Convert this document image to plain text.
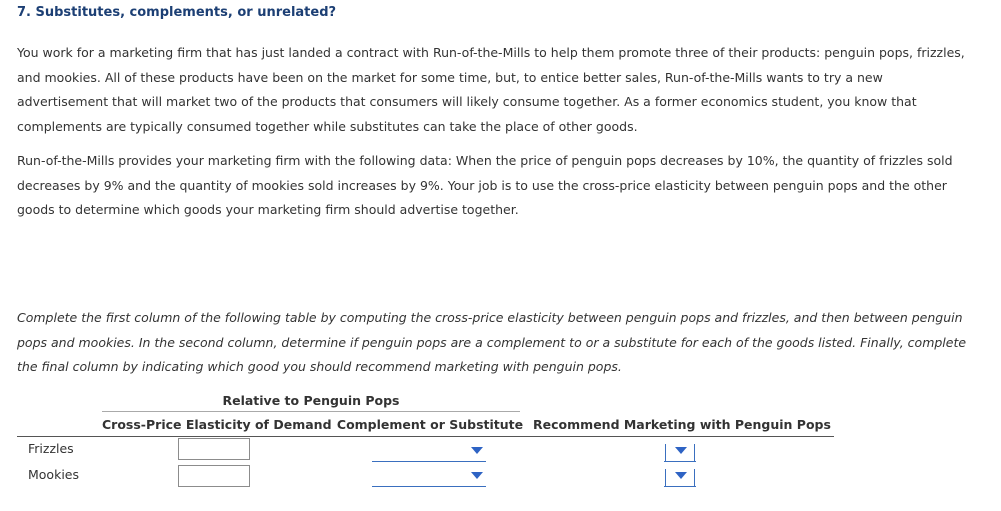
7. Substitutes, complements, or unrelated?
You work for a marketing firm that has just landed a contract with Run-of-the-Mills to help them promote three of their products: penguin pops, frizzles, and mookies. All of these products have been on the market for some time, but, to entice better sales, Run-of-the-Mills wants to try a new advertisement that will market two of the products that consumers will likely consume together. As a former economics student, you know that complements are typically consumed together while substitutes can take the place of other goods.
Run-of-the-Mills provides your marketing firm with the following data: When the price of penguin pops decreases by 10%, the quantity of frizzles sold decreases by 9% and the quantity of mookies sold increases by 9%. Your job is to use the cross-price elasticity between penguin pops and the other goods to determine which goods your marketing firm should advertise together.
Complete the first column of the following table by computing the cross-price elasticity between penguin pops and frizzles, and then between penguin pops and mookies. In the second column, determine if penguin pops are a complement to or a substitute for each of the goods listed. Finally, complete the final column by indicating which good you should recommend marketing with penguin pops.
Relative to Penguin Pops
Cross-Price Elasticity of Demand Complement or Substitute Recommend Marketing with Penguin Pops
Frizzles
Mookies
